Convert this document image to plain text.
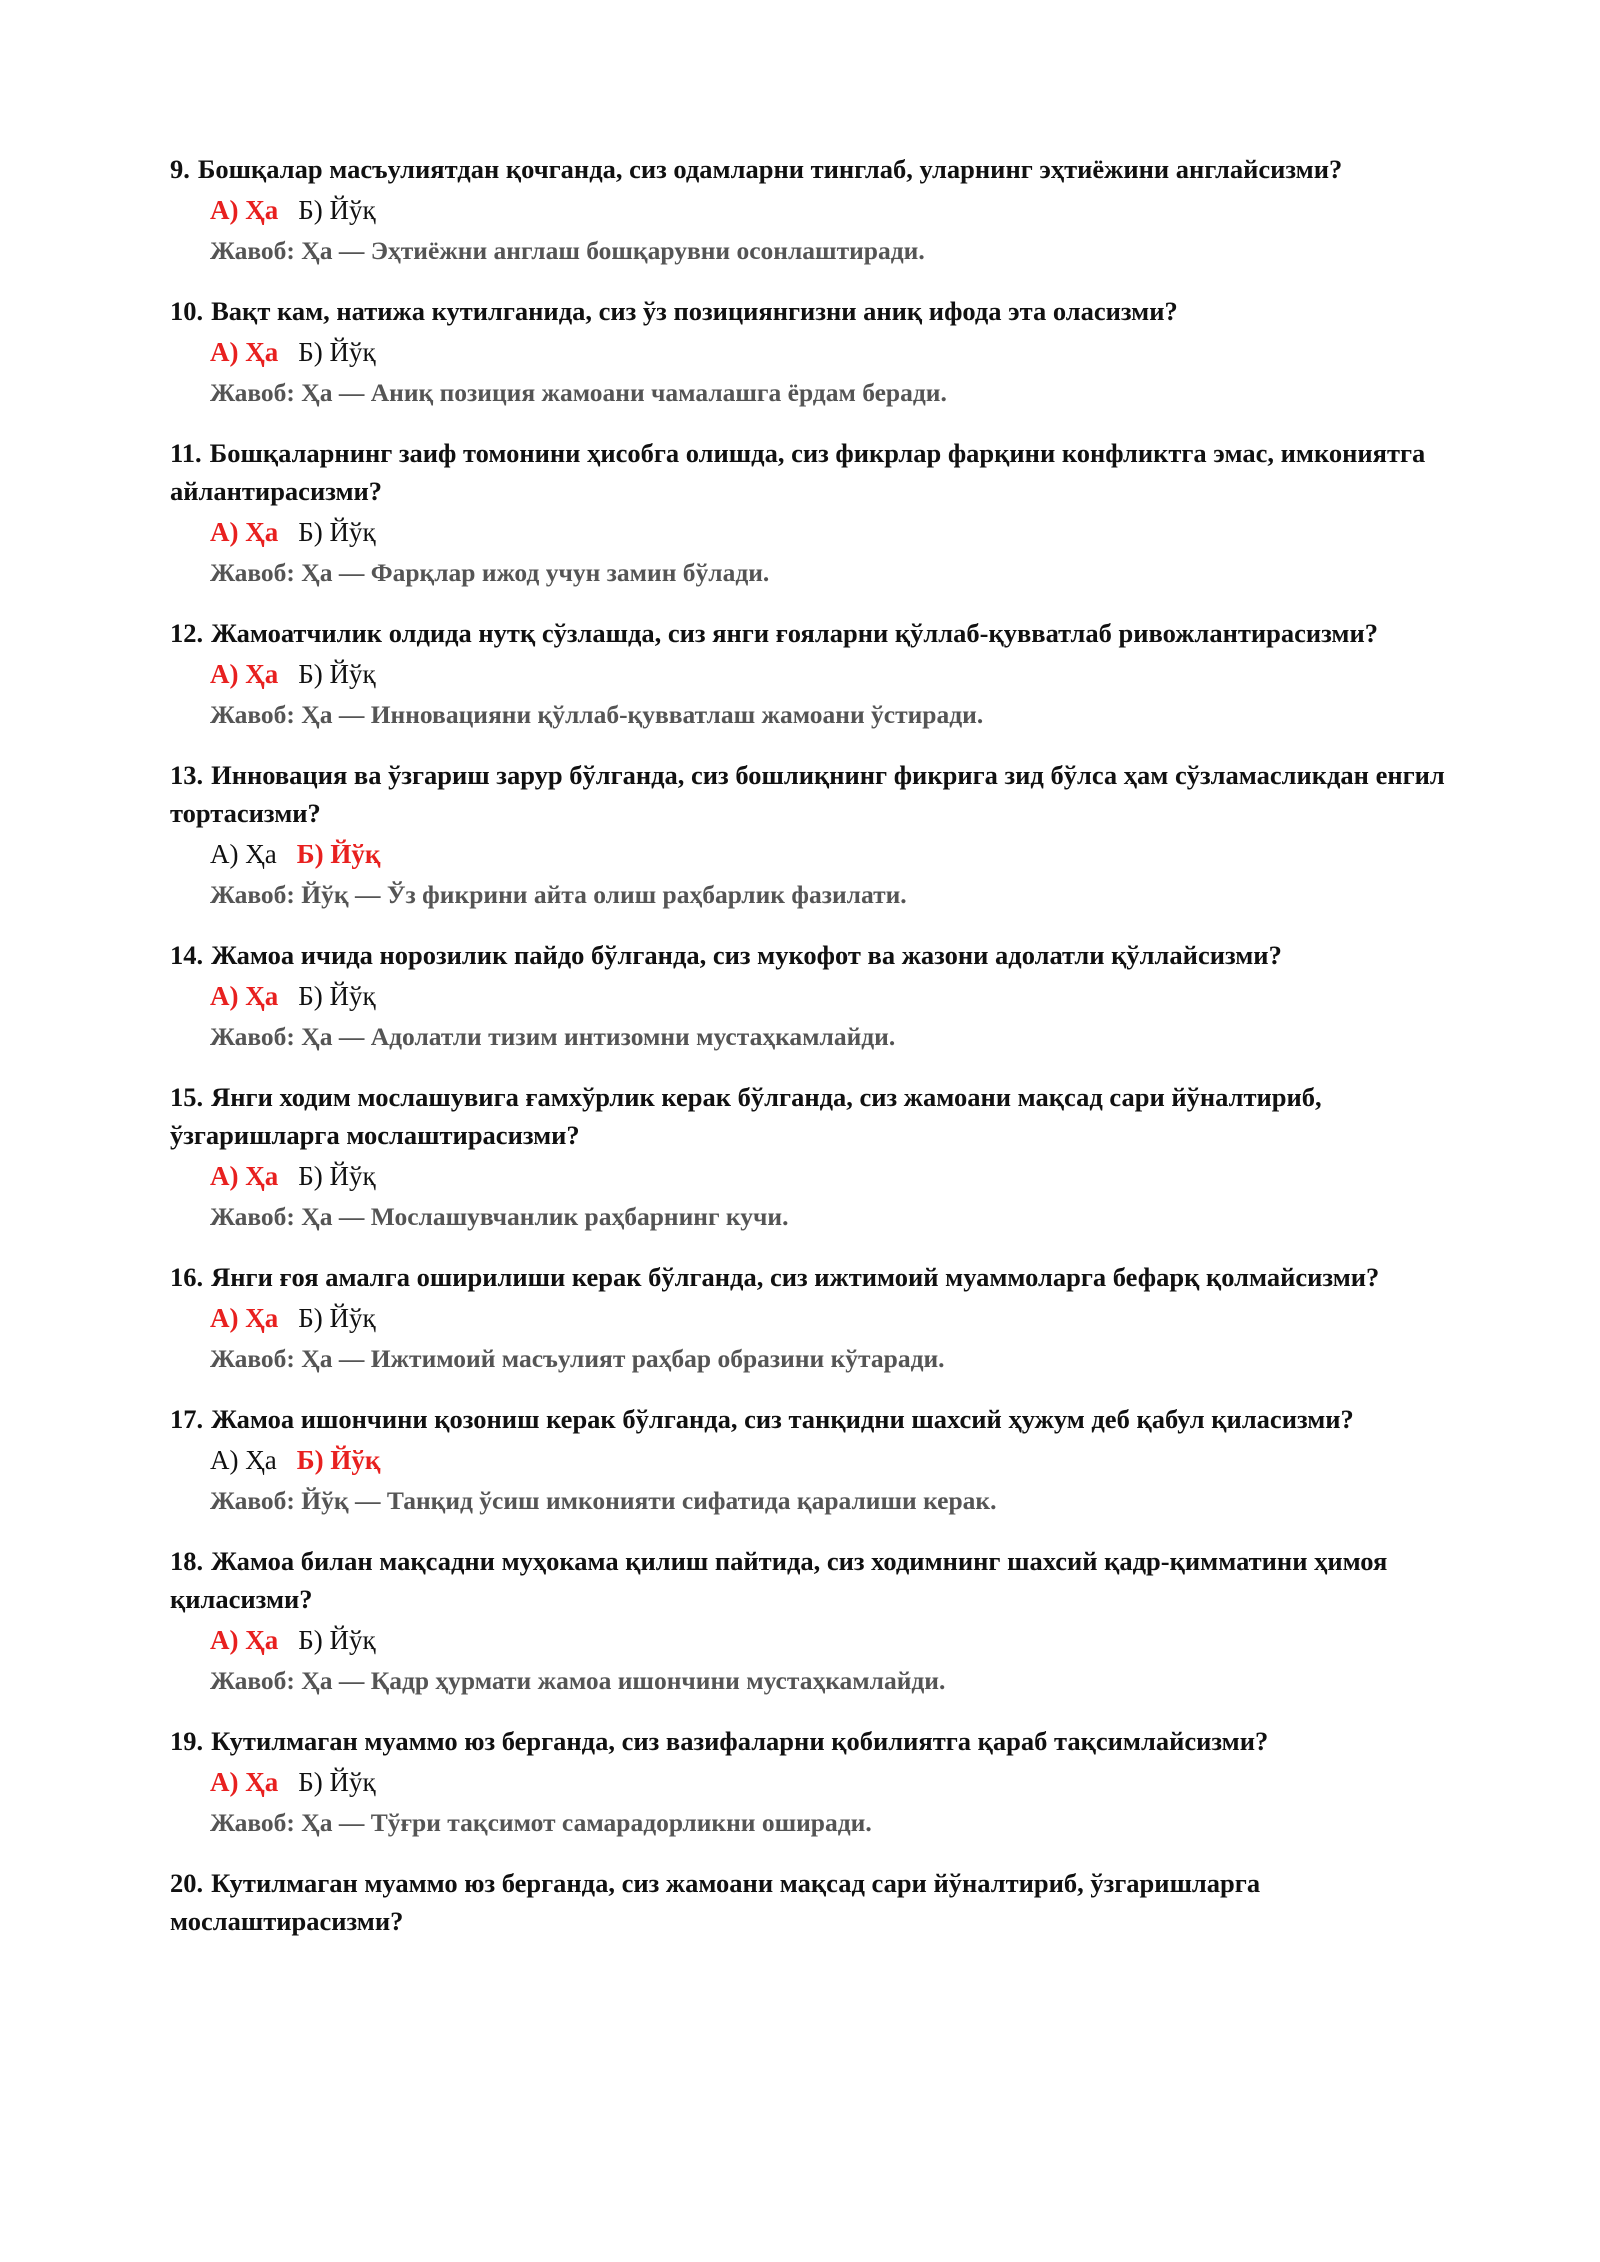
9. Бошқалар масъулиятдан қочганда, сиз одамларни тинглаб, уларнинг эҳтиёжини англайсизми?

А) Ҳа Б) Йўқ
Жавоб: Ҳа — Эҳтиёжни англаш бошқарувни осонлаштиради.

10. Вақт кам, натижа кутилганида, сиз ўз позициянгизни аниқ ифода эта оласизми?

А) Ҳа Б) Йўқ
Жавоб: Ҳа — Аниқ позиция жамоани чамалашга ёрдам беради.

11. Бошқаларнинг заиф томонини ҳисобга олишда, сиз фикрлар фарқини конфликтга эмас, имкониятга айлантирасизми?

А) Ҳа Б) Йўқ
Жавоб: Ҳа — Фарқлар ижод учун замин бўлади.

12. Жамоатчилик олдида нутқ сўзлашда, сиз янги ғояларни қўллаб-қувватлаб ривожлантирасизми?

А) Ҳа Б) Йўқ
Жавоб: Ҳа — Инновацияни қўллаб-қувватлаш жамоани ўстиради.

13. Инновация ва ўзгариш зарур бўлганда, сиз бошлиқнинг фикрига зид бўлса ҳам сўзламасликдан енгил тортасизми?

А) Ҳа Б) Йўқ
Жавоб: Йўқ — Ўз фикрини айта олиш раҳбарлик фазилати.

14. Жамоа ичида норозилик пайдо бўлганда, сиз мукофот ва жазони адолатли қўллайсизми?

А) Ҳа Б) Йўқ
Жавоб: Ҳа — Адолатли тизим интизомни мустаҳкамлайди.

15. Янги ходим мослашувига ғамхўрлик керак бўлганда, сиз жамоани мақсад сари йўналтириб, ўзгаришларга мослаштирасизми?

А) Ҳа Б) Йўқ
Жавоб: Ҳа — Мослашувчанлик раҳбарнинг кучи.

16. Янги ғоя амалга оширилиши керак бўлганда, сиз ижтимоий муаммоларга бефарқ қолмайсизми?

А) Ҳа Б) Йўқ
Жавоб: Ҳа — Ижтимоий масъулият раҳбар образини кўтаради.

17. Жамоа ишончини қозониш керак бўлганда, сиз танқидни шахсий ҳужум деб қабул қиласизми?

А) Ҳа Б) Йўқ
Жавоб: Йўқ — Танқид ўсиш имконияти сифатида қаралиши керак.

18. Жамоа билан мақсадни муҳокама қилиш пайтида, сиз ходимнинг шахсий қадр-қимматини ҳимоя қиласизми?

А) Ҳа Б) Йўқ
Жавоб: Ҳа — Қадр ҳурмати жамоа ишончини мустаҳкамлайди.

19. Кутилмаган муаммо юз берганда, сиз вазифаларни қобилиятга қараб тақсимлайсизми?

А) Ҳа Б) Йўқ
Жавоб: Ҳа — Тўғри тақсимот самарадорликни оширади.

20. Кутилмаган муаммо юз берганда, сиз жамоани мақсад сари йўналтириб, ўзгаришларга мослаштирасизми?
